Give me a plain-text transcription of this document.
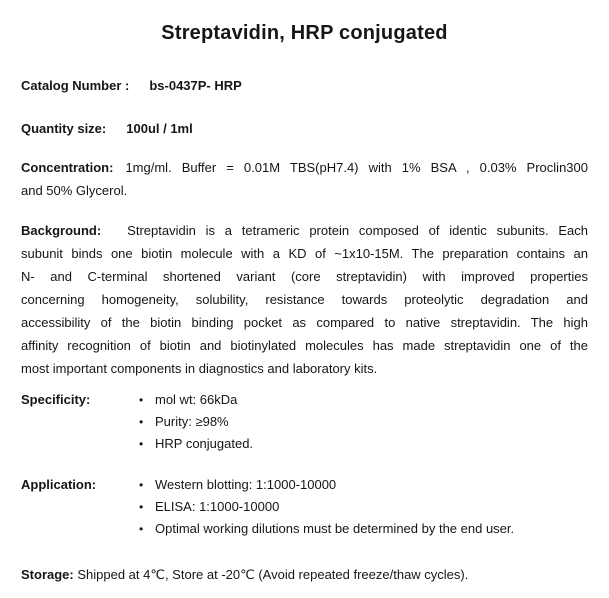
Streptavidin, HRP conjugated
Catalog Number : bs-0437P- HRP
Quantity size: 100ul / 1ml
Concentration: 1mg/ml. Buffer = 0.01M TBS(pH7.4) with 1% BSA , 0.03% Proclin300
and 50% Glycerol.
Background: Streptavidin is a tetrameric protein composed of identic subunits. Each
subunit binds one biotin molecule with a KD of ~1x10-15M. The preparation contains an
N- and C-terminal shortened variant (core streptavidin) with improved properties
concerning homogeneity, solubility, resistance towards proteolytic degradation and
accessibility of the biotin binding pocket as compared to native streptavidin. The high
affinity recognition of biotin and biotinylated molecules has made streptavidin one of the
most important components in diagnostics and laboratory kits.
Specificity:	• mol wt: 66kDa
• Purity: ≥98%
• HRP conjugated.
Application:	• Western blotting: 1:1000-10000
• ELISA: 1:1000-10000
• Optimal working dilutions must be determined by the end user.
Storage: Shipped at 4℃, Store at -20℃ (Avoid repeated freeze/thaw cycles).
